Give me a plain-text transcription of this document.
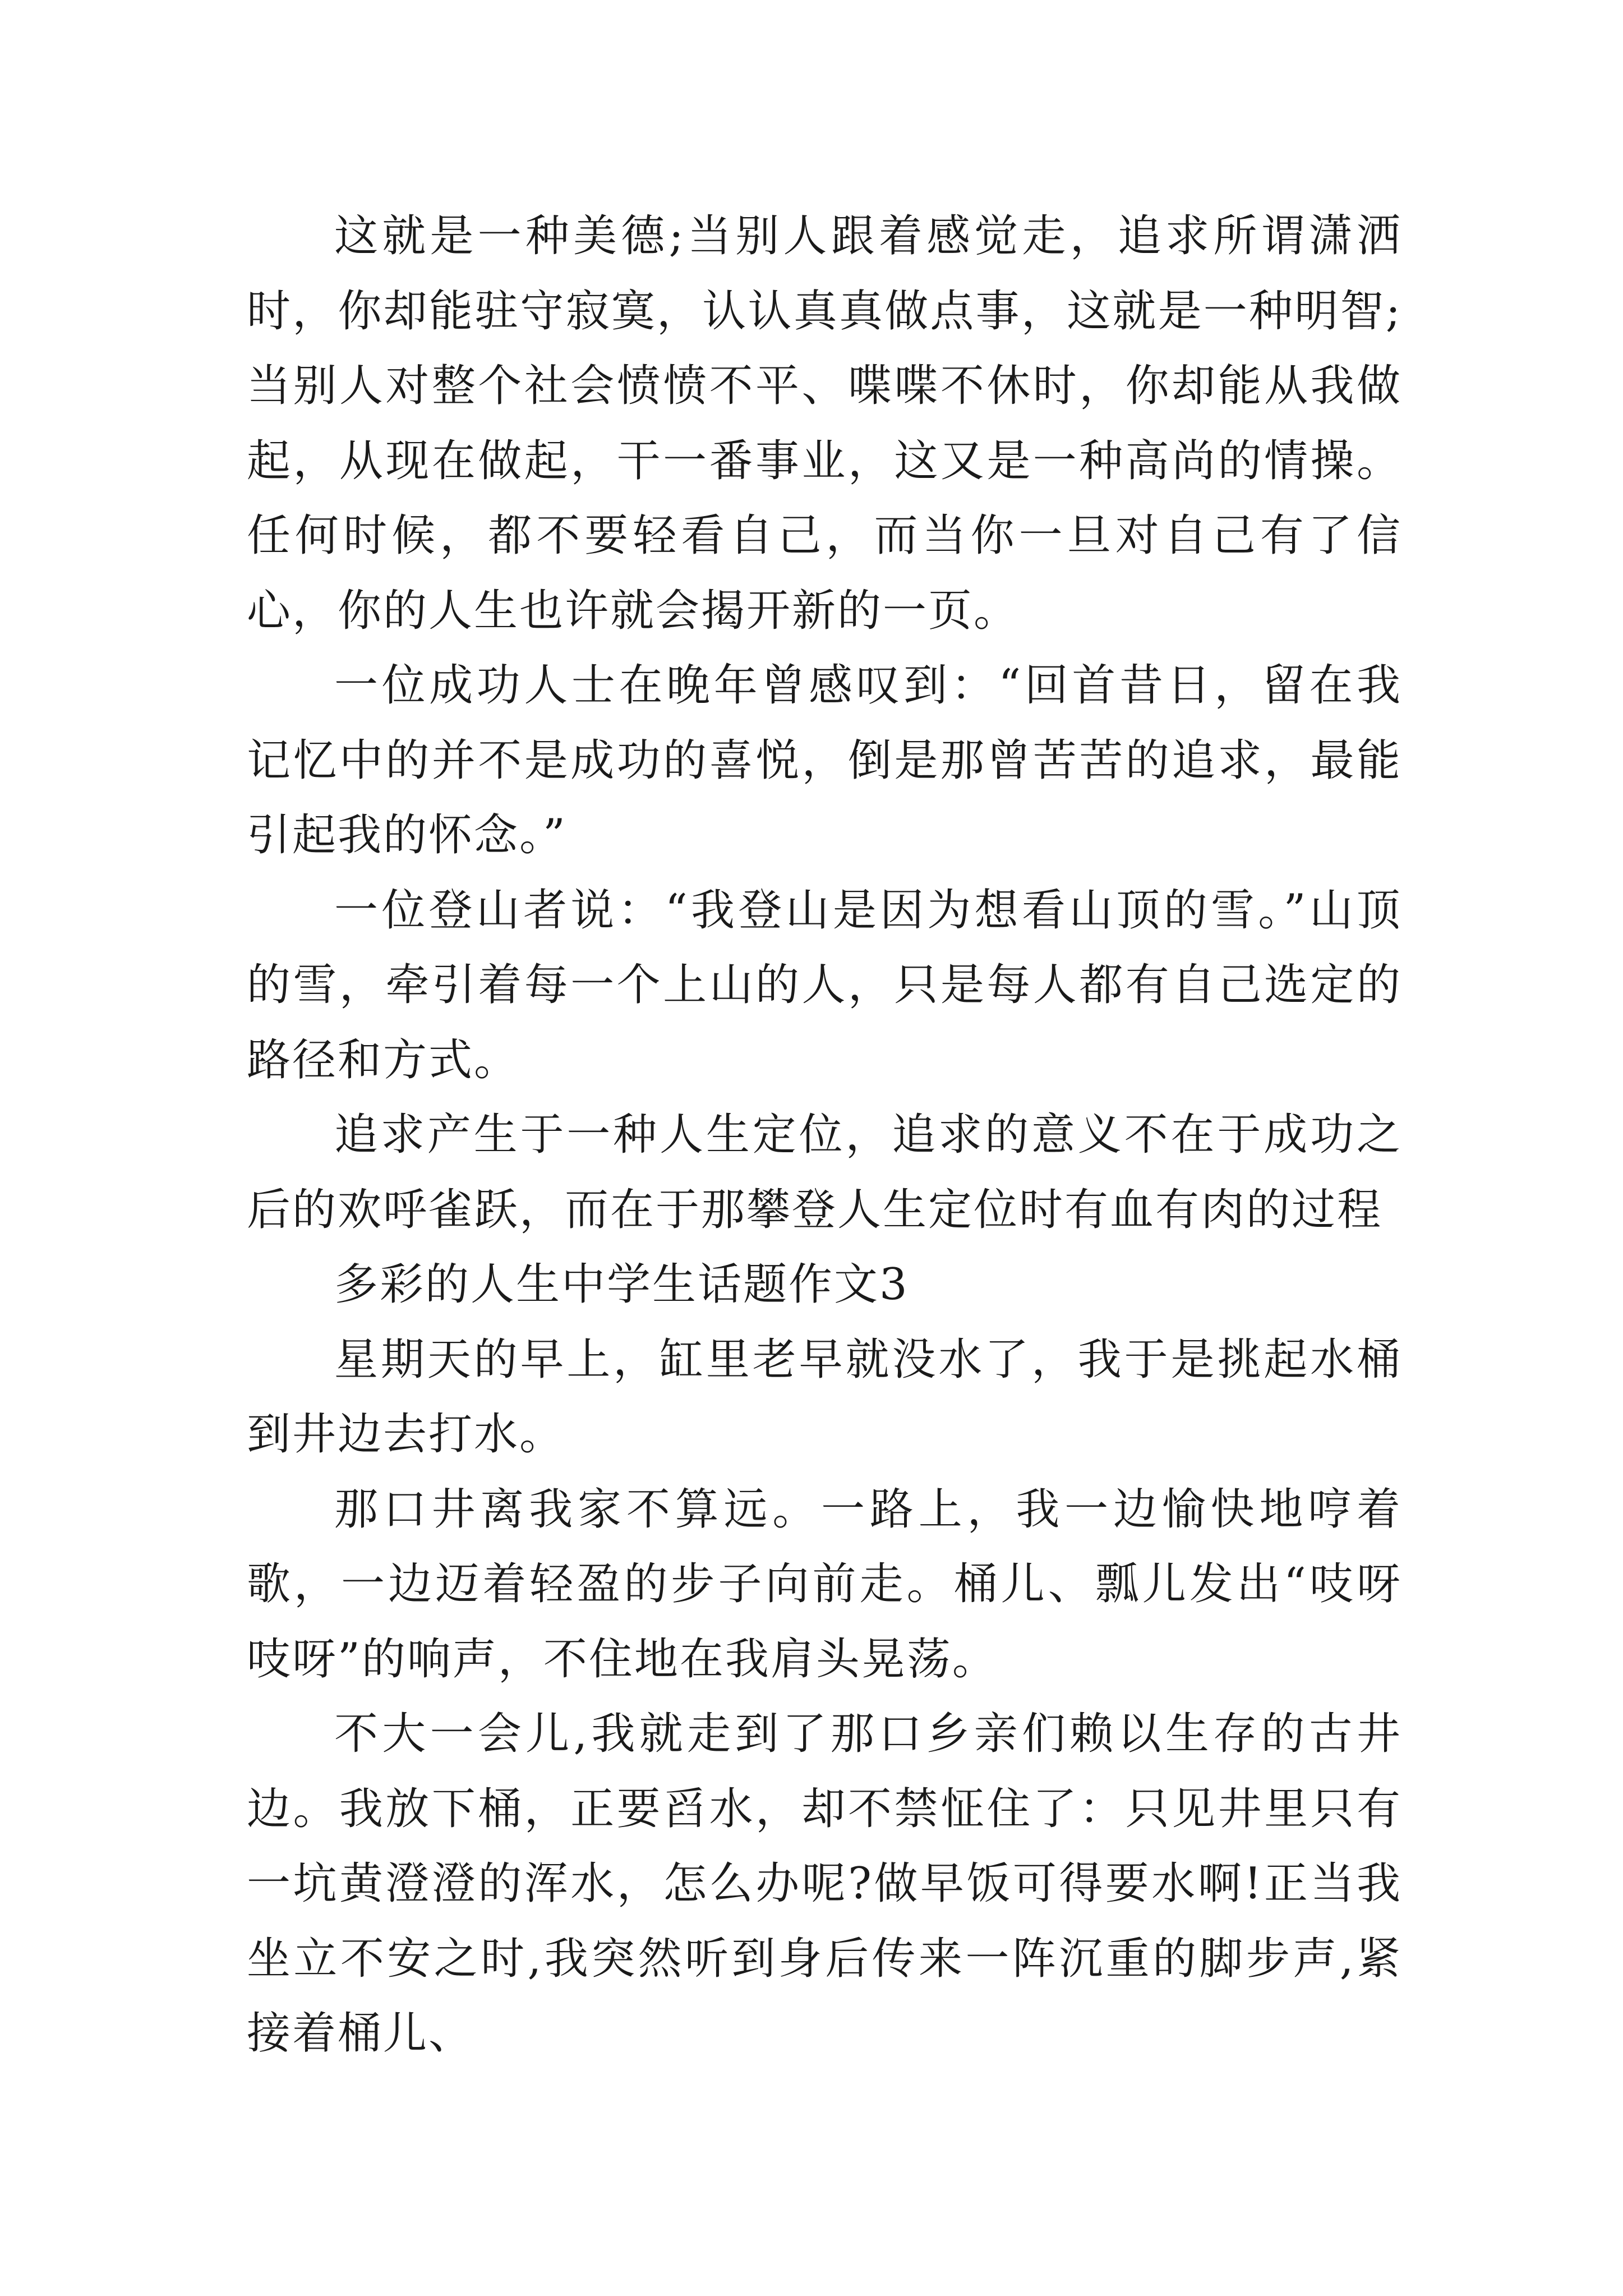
这就是一种美德;当别人跟着感觉走，追求所谓潇洒时，你却能驻守寂寞，认认真真做点事，这就是一种明智;当别人对整个社会愤愤不平、喋喋不休时，你却能从我做起，从现在做起，干一番事业，这又是一种高尚的情操。任何时候，都不要轻看自己，而当你一旦对自己有了信心，你的人生也许就会揭开新的一页。

一位成功人士在晚年曾感叹到：“回首昔日，留在我记忆中的并不是成功的喜悦，倒是那曾苦苦的追求，最能引起我的怀念。”

一位登山者说：“我登山是因为想看山顶的雪。”山顶的雪，牵引着每一个上山的人，只是每人都有自己选定的路径和方式。

追求产生于一种人生定位，追求的意义不在于成功之后的欢呼雀跃，而在于那攀登人生定位时有血有肉的过程

多彩的人生中学生话题作文3

星期天的早上，缸里老早就没水了，我于是挑起水桶到井边去打水。

那口井离我家不算远。一路上，我一边愉快地哼着歌，一边迈着轻盈的步子向前走。桶儿、瓢儿发出“吱呀吱呀”的响声，不住地在我肩头晃荡。

不大一会儿,我就走到了那口乡亲们赖以生存的古井边。我放下桶，正要舀水，却不禁怔住了：只见井里只有一坑黄澄澄的浑水，怎么办呢?做早饭可得要水啊!正当我坐立不安之时,我突然听到身后传来一阵沉重的脚步声,紧接着桶儿、
